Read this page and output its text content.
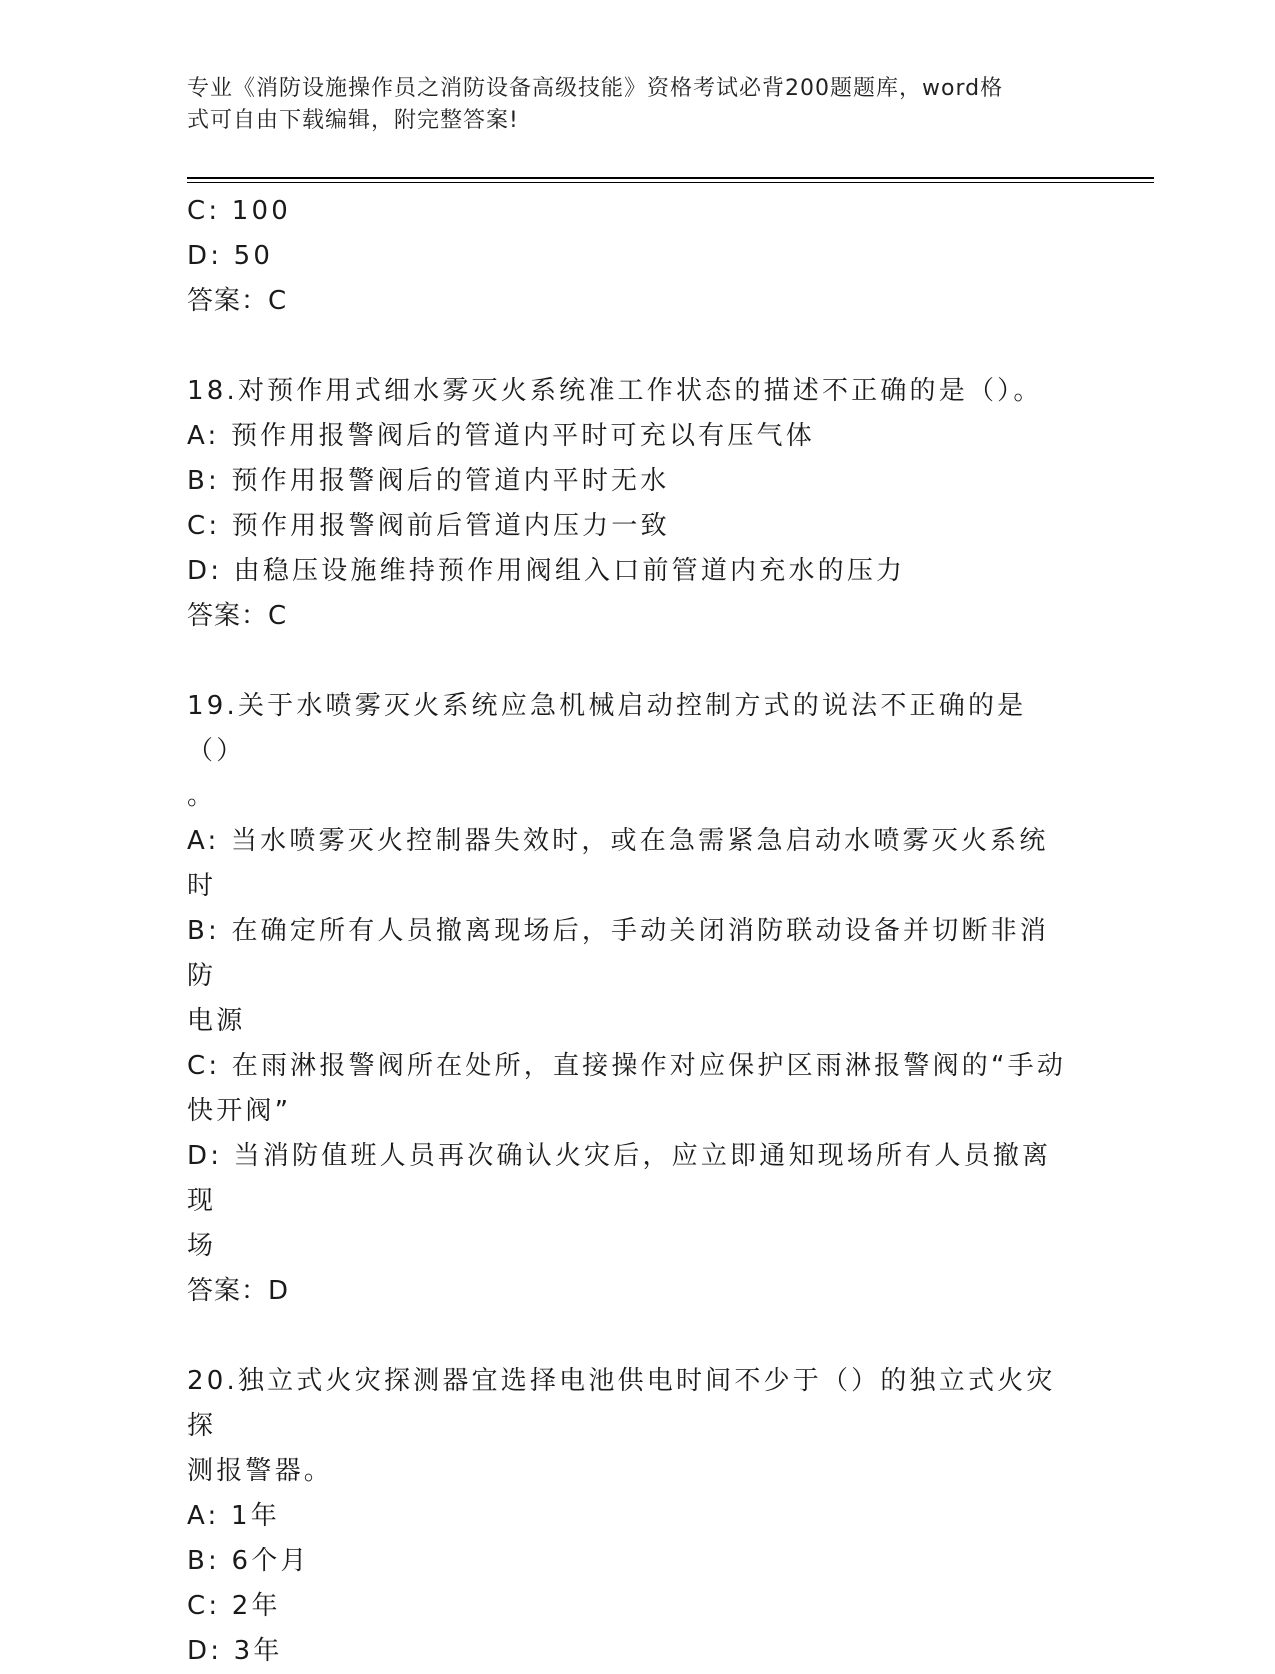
专业《消防设施操作员之消防设备高级技能》资格考试必背200题题库，word格
式可自由下载编辑，附完整答案!

C: 100

D: 50

答案：C

18.对预作用式细水雾灭火系统准工作状态的描述不正确的是（）。

A: 预作用报警阀后的管道内平时可充以有压气体

B: 预作用报警阀后的管道内平时无水

C: 预作用报警阀前后管道内压力一致

D: 由稳压设施维持预作用阀组入口前管道内充水的压力

答案：C

19.关于水喷雾灭火系统应急机械启动控制方式的说法不正确的是（）

。

A: 当水喷雾灭火控制器失效时，或在急需紧急启动水喷雾灭火系统时

B: 在确定所有人员撤离现场后，手动关闭消防联动设备并切断非消防

电源

C: 在雨淋报警阀所在处所，直接操作对应保护区雨淋报警阀的“手动

快开阀”

D: 当消防值班人员再次确认火灾后，应立即通知现场所有人员撤离现

场

答案：D

20.独立式火灾探测器宜选择电池供电时间不少于（）的独立式火灾探

测报警器。

A: 1年

B: 6个月

C: 2年

D: 3年
